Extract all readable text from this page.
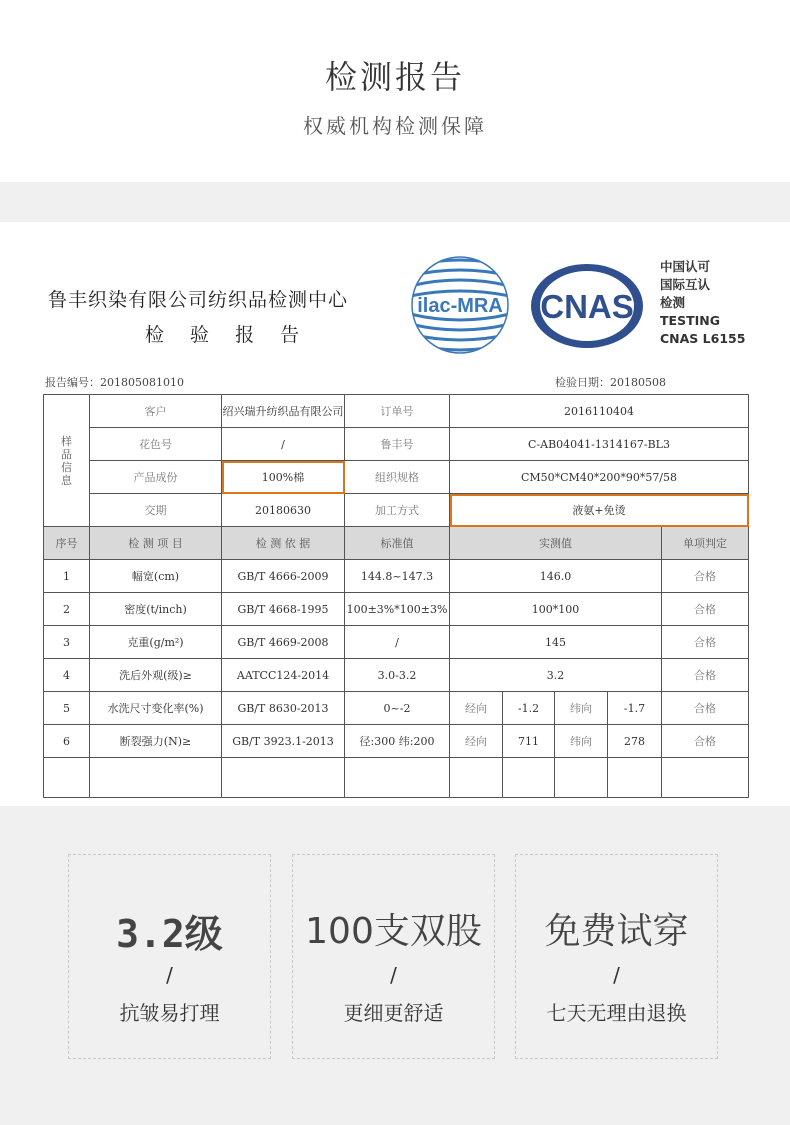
检测报告
权威机构检测保障
鲁丰织染有限公司纺织品检测中心
检 验 报 告
ilac-MRA CNAS
中国认可
国际互认
检测
TESTING
CNAS L6155
报告编号：201805081010	检验日期：20180508
样
品
信
息	客户	绍兴瑞升纺织品有限公司	订单号	2016110404				
	花色号	/	鲁丰号	C-AB04041-1314167-BL3				
	产品成份	100%棉	组织规格	CM50*CM40*200*90*57/58				
	交期	20180630	加工方式	液氨+免烫				
序号	检 测 项 目	检 测 依 据	标准值	实测值				单项判定
1	幅宽(cm)	GB/T 4666-2009	144.8~147.3	146.0				合格
2	密度(t/inch)	GB/T 4668-1995	100±3%*100±3%	100*100				合格
3	克重(g/m²)	GB/T 4669-2008	/	145				合格
4	洗后外观(级)≥	AATCC124-2014	3.0-3.2	3.2				合格
5	水洗尺寸变化率(%)	GB/T 8630-2013	0~-2	经向	-1.2	纬向	-1.7	合格
6	断裂强力(N)≥	GB/T 3923.1-2013	径:300 纬:200	经向	711	纬向	278	合格

3.2级
/
抗皱易打理
100支双股
/
更细更舒适
免费试穿
/
七天无理由退换
